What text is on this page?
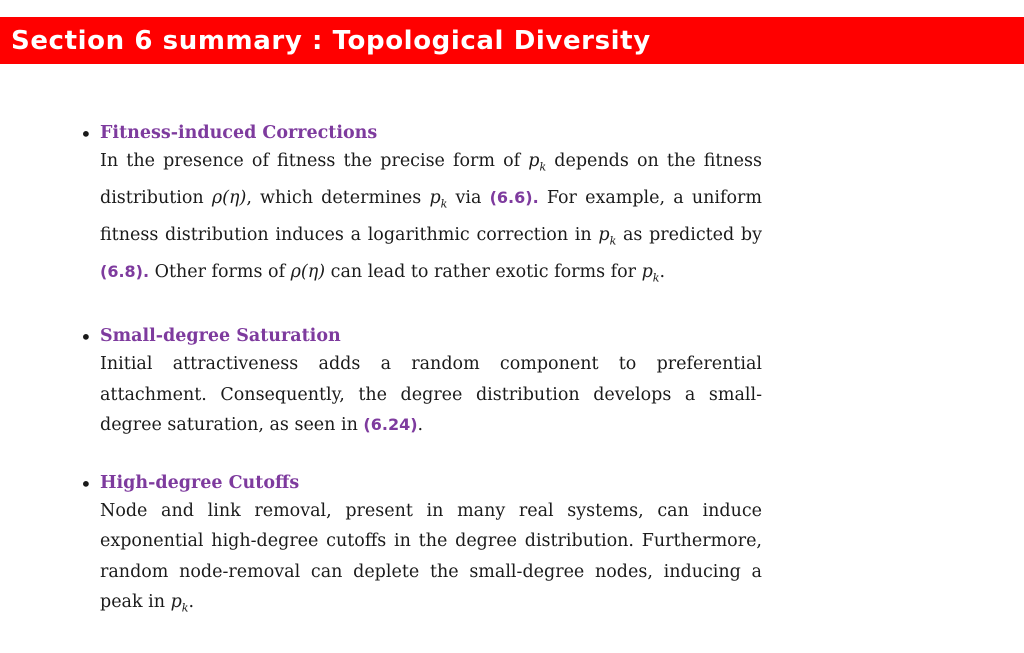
Section 6 summary : Topological Diversity
• Fitness-induced Corrections
In the presence of fitness the precise form of $p_k$ depends on the fitness distribution ρ(η), which determines $p_k$ via (6.6). For example, a uniform fitness distribution induces a logarithmic correction in $p_k$ as predicted by (6.8). Other forms of ρ(η) can lead to rather exotic forms for $p_k$.
• Small-degree Saturation
Initial attractiveness adds a random component to preferential attachment. Consequently, the degree distribution develops a small-degree saturation, as seen in (6.24).
• High-degree Cutoffs
Node and link removal, present in many real systems, can induce exponential high-degree cutoffs in the degree distribution. Furthermore, random node-removal can deplete the small-degree nodes, inducing a peak in $p_k$.
